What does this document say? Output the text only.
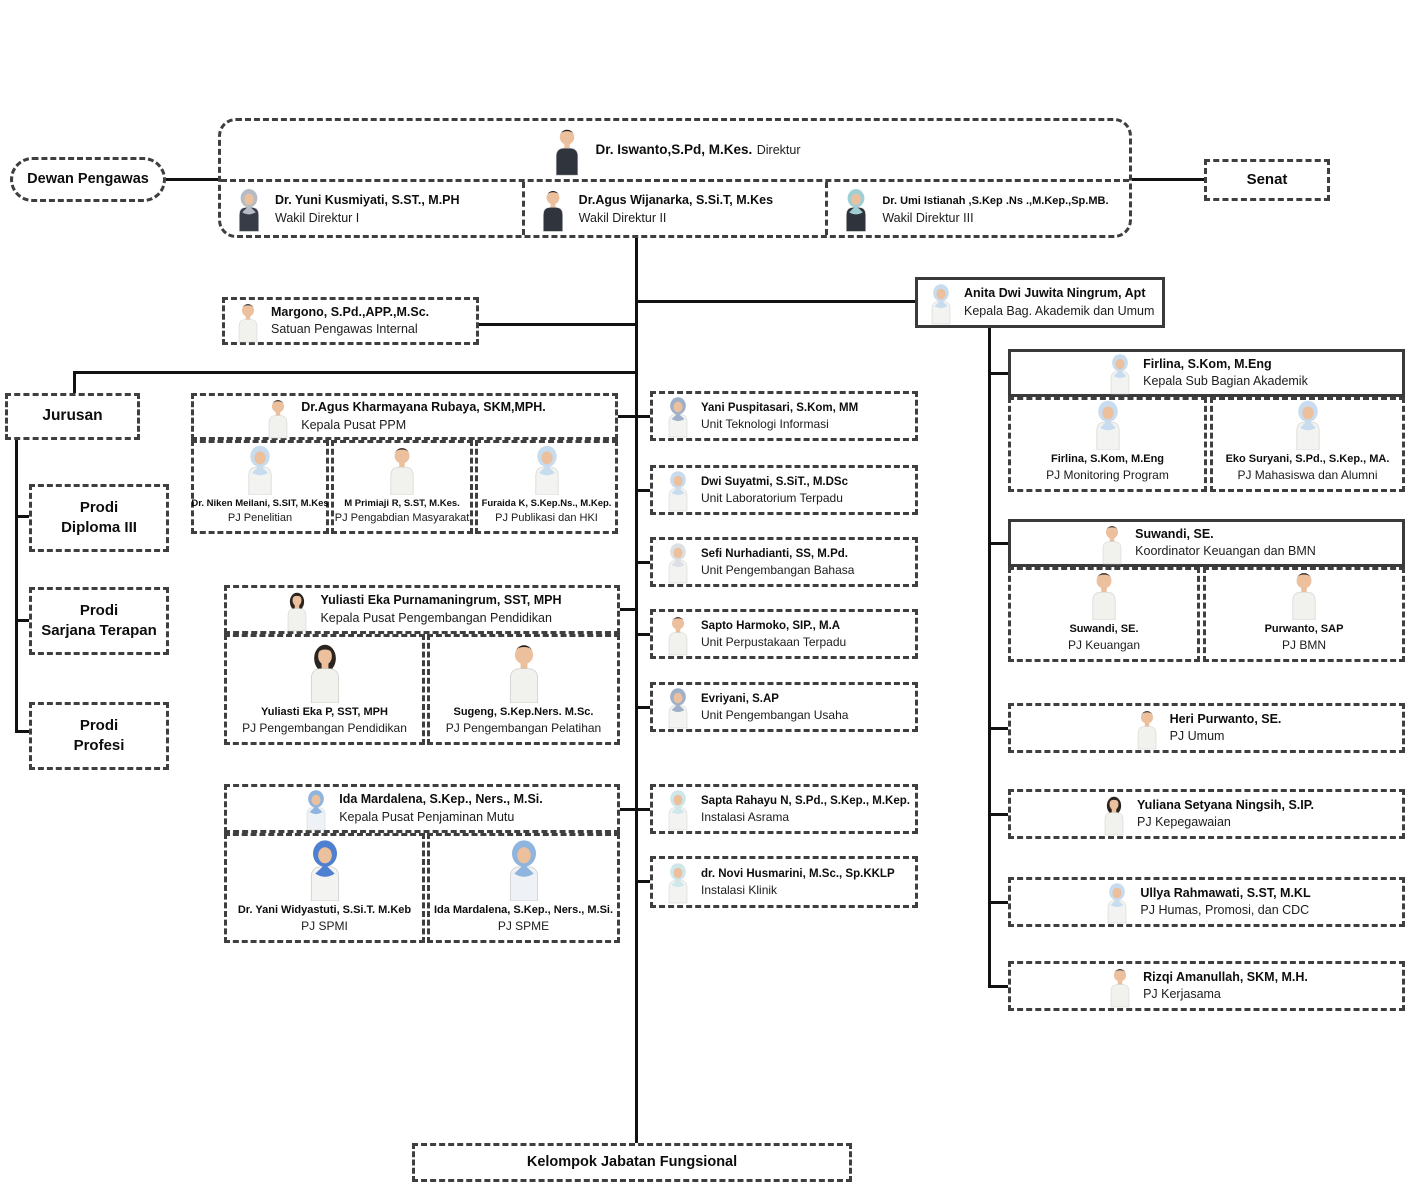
Dewan Pengawas	Senat
Dr. Iswanto,S.Pd, M.Kes. Direktur
Dr. Yuni Kusmiyati, S.ST., M.PH Wakil Direktur I
Dr.Agus Wijanarka, S.Si.T, M.Kes Wakil Direktur II
Dr. Umi Istianah ,S.Kep .Ns .,M.Kep.,Sp.MB. Wakil Direktur III
Jurusan
Prodi
Diploma III
Prodi
Sarjana Terapan
Prodi
Profesi
Kelompok Jabatan Fungsional
Margono, S.Pd.,APP.,M.Sc.
Satuan Pengawas Internal
Anita Dwi Juwita Ningrum, Apt
Kepala Bag. Akademik dan Umum
Dr.Agus Kharmayana Rubaya, SKM,MPH.
Kepala Pusat PPM
Dr. Niken Meilani, S.SIT, M.Kes
PJ Penelitian
M Primiaji R, S.ST, M.Kes.
PJ Pengabdian Masyarakat
Furaida K, S.Kep.Ns., M.Kep.
PJ Publikasi dan HKI
Yuliasti Eka Purnamaningrum, SST, MPH
Kepala Pusat Pengembangan Pendidikan
Yuliasti Eka P, SST, MPH
PJ Pengembangan Pendidikan
Sugeng, S.Kep.Ners. M.Sc.
PJ Pengembangan Pelatihan
Ida Mardalena, S.Kep., Ners., M.Si.
Kepala Pusat Penjaminan Mutu
Dr. Yani Widyastuti, S.Si.T. M.Keb
PJ SPMI
Ida Mardalena, S.Kep., Ners., M.Si.
PJ SPME
Yani Puspitasari, S.Kom, MM
Unit Teknologi Informasi
Dwi Suyatmi, S.SiT., M.DSc
Unit Laboratorium Terpadu
Sefi Nurhadianti, SS, M.Pd.
Unit Pengembangan Bahasa
Sapto Harmoko, SIP., M.A
Unit Perpustakaan Terpadu
Evriyani, S.AP
Unit Pengembangan Usaha
Sapta Rahayu N, S.Pd., S.Kep., M.Kep.
Instalasi Asrama
dr. Novi Husmarini, M.Sc., Sp.KKLP
Instalasi Klinik
Firlina, S.Kom, M.Eng
Kepala Sub Bagian Akademik
Firlina, S.Kom, M.Eng
PJ Monitoring Program
Eko Suryani, S.Pd., S.Kep., MA.
PJ Mahasiswa dan Alumni
Suwandi, SE.
Koordinator Keuangan dan BMN
Suwandi, SE.
PJ Keuangan
Purwanto, SAP
PJ BMN
Heri Purwanto, SE.
PJ Umum
Yuliana Setyana Ningsih, S.IP.
PJ Kepegawaian
Ullya Rahmawati, S.ST, M.KL
PJ Humas, Promosi, dan CDC
Rizqi Amanullah, SKM, M.H.
PJ Kerjasama
